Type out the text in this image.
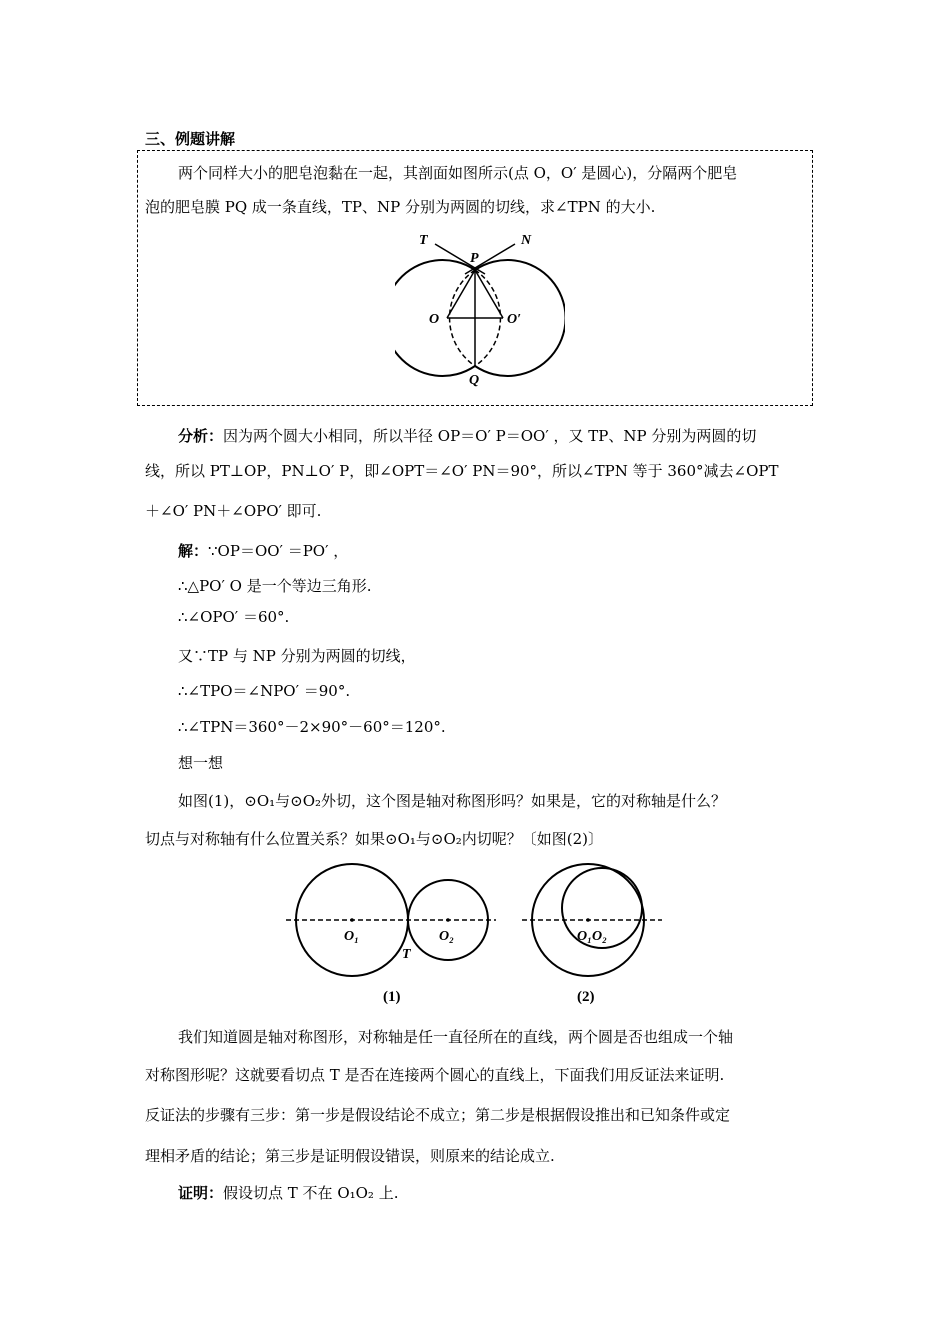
三、例题讲解
两个同样大小的肥皂泡黏在一起，其剖面如图所示(点 O，O′ 是圆心)，分隔两个肥皂
泡的肥皂膜 PQ 成一条直线，TP、NP 分别为两圆的切线，求∠TPN 的大小.
T	N
P
O	O′
Q
分析：因为两个圆大小相同，所以半径 OP＝O′ P＝OO′ ，又 TP、NP 分别为两圆的切
线，所以 PT⊥OP，PN⊥O′ P，即∠OPT＝∠O′ PN＝90°，所以∠TPN 等于 360°减去∠OPT
＋∠O′ PN＋∠OPO′ 即可.
解：∵OP＝OO′ ＝PO′ ，
∴△PO′ O 是一个等边三角形.
∴∠OPO′ ＝60°.
又∵TP 与 NP 分别为两圆的切线，
∴∠TPO＝∠NPO′ ＝90°.
∴∠TPN＝360°－2×90°－60°＝120°.
想一想
如图(1)，⊙O₁与⊙O₂外切，这个图是轴对称图形吗？如果是，它的对称轴是什么？
切点与对称轴有什么位置关系？如果⊙O₁与⊙O₂内切呢？〔如图(2)〕
O₁	O₂
T
(1)
O₁O₂
(2)
我们知道圆是轴对称图形，对称轴是任一直径所在的直线，两个圆是否也组成一个轴
对称图形呢？这就要看切点 T 是否在连接两个圆心的直线上，下面我们用反证法来证明.
反证法的步骤有三步：第一步是假设结论不成立；第二步是根据假设推出和已知条件或定
理相矛盾的结论；第三步是证明假设错误，则原来的结论成立.
证明：假设切点 T 不在 O₁O₂ 上.
